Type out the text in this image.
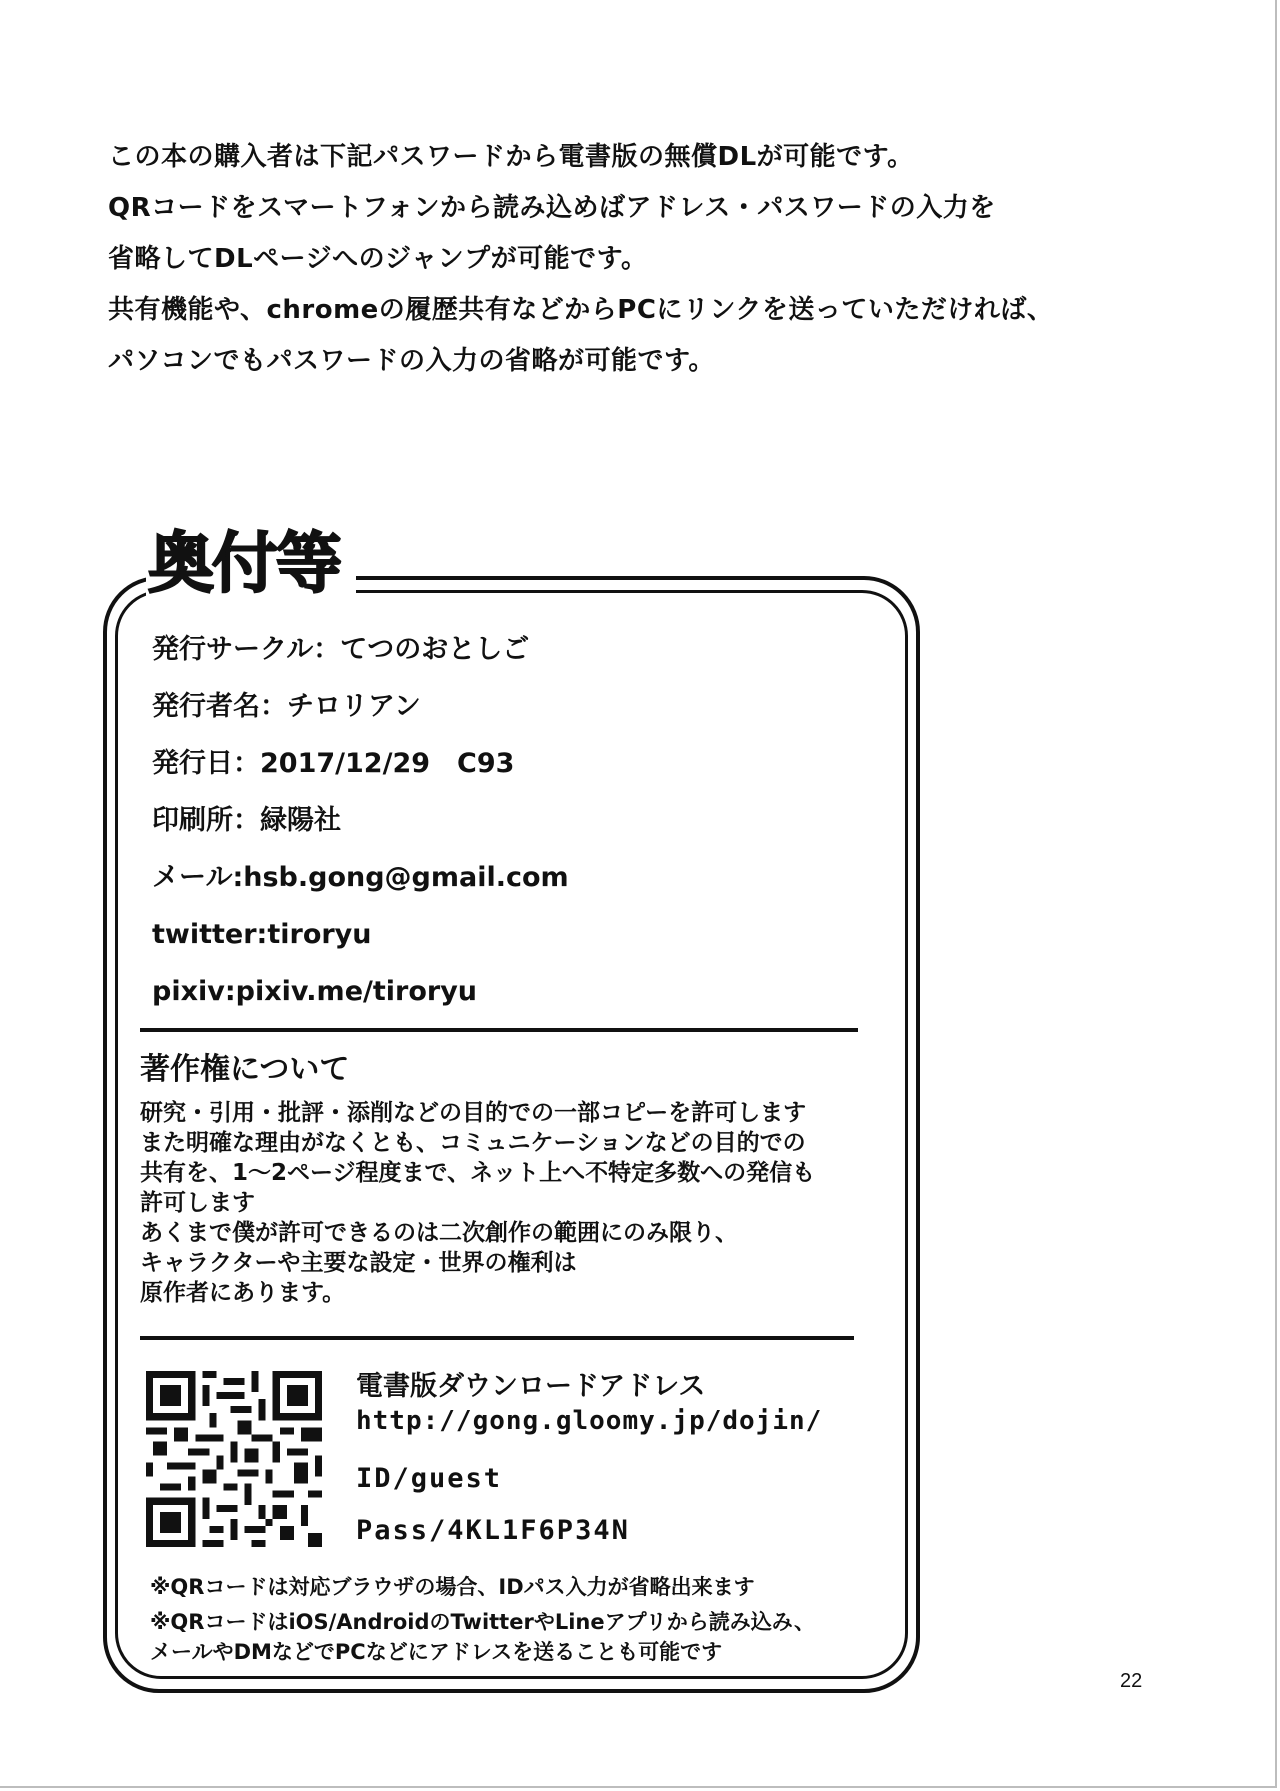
この本の購入者は下記パスワードから電書版の無償DLが可能です。
QRコードをスマートフォンから読み込めばアドレス・パスワードの入力を
省略してDLページへのジャンプが可能です。
共有機能や、chromeの履歴共有などからPCにリンクを送っていただければ、
パソコンでもパスワードの入力の省略が可能です。
奥付等
発行サークル：てつのおとしご
発行者名：チロリアン
発行日：2017/12/29　C93
印刷所：緑陽社
メール:hsb.gong@gmail.com
twitter:tiroryu
pixiv:pixiv.me/tiroryu
著作権について
研究・引用・批評・添削などの目的での一部コピーを許可します
また明確な理由がなくとも、コミュニケーションなどの目的での
共有を、1～2ページ程度まで、ネット上へ不特定多数への発信も
許可します
あくまで僕が許可できるのは二次創作の範囲にのみ限り、
キャラクターや主要な設定・世界の権利は
原作者にあります。
電書版ダウンロードアドレス
http://gong.gloomy.jp/dojin/
ID/guest
Pass/4KL1F6P34N
※QRコードは対応ブラウザの場合、IDパス入力が省略出来ます
※QRコードはiOS/AndroidのTwitterやLineアプリから読み込み、
メールやDMなどでPCなどにアドレスを送ることも可能です
22
